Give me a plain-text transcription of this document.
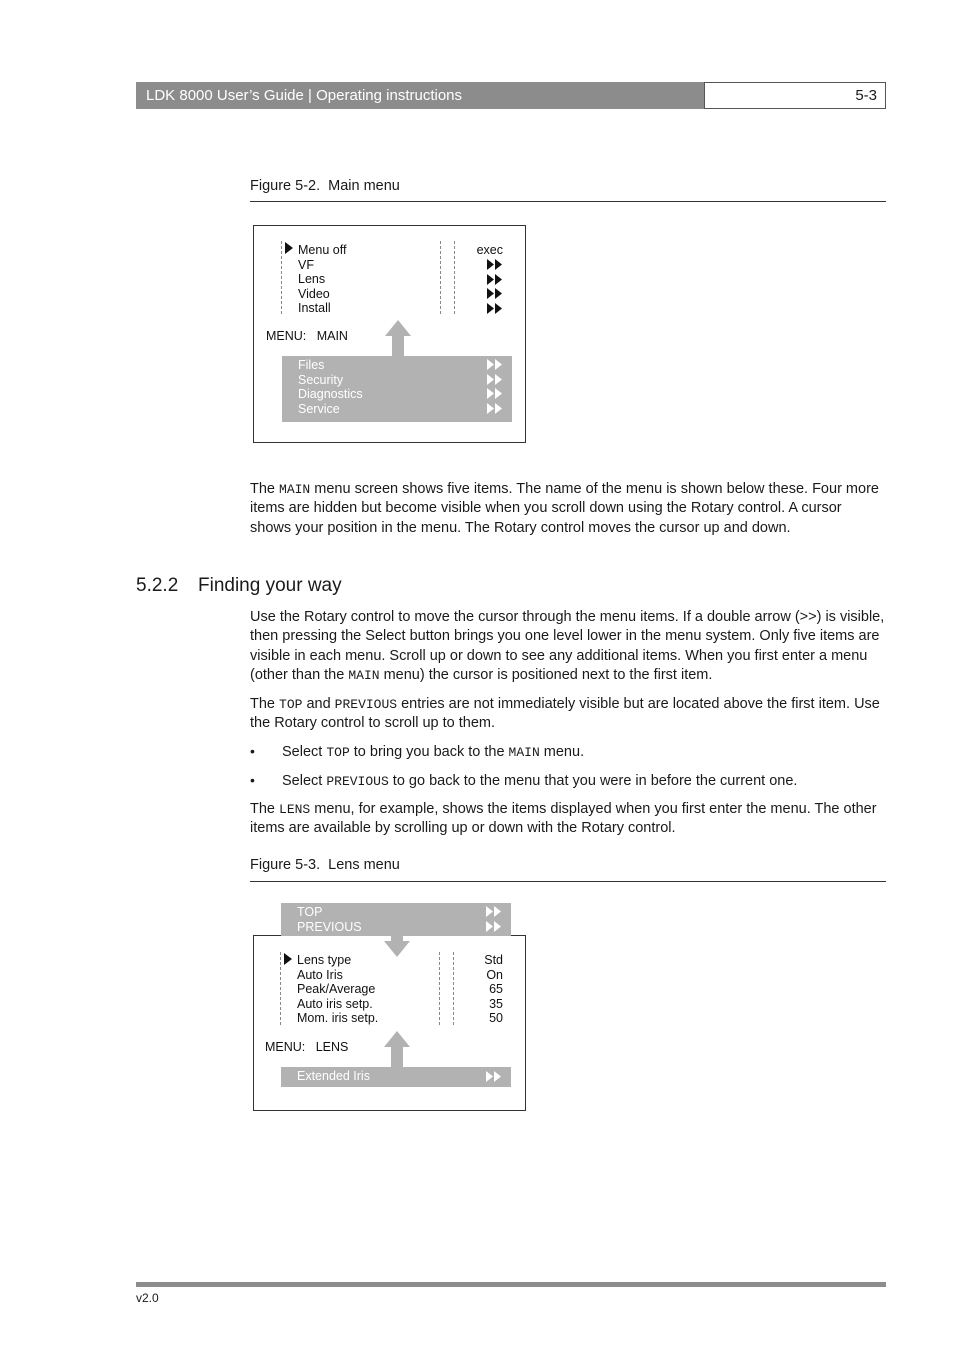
LDK 8000 User’s Guide | Operating instructions	5-3
Figure 5-2. Main menu
Menu off
VF
Lens
Video
Install
exec
MENU: MAIN
Files
Security
Diagnostics
Service
The MAIN menu screen shows five items. The name of the menu is shown below these. Four more items are hidden but become visible when you scroll down using the Rotary control. A cursor shows your position in the menu. The Rotary control moves the cursor up and down.
5.2.2 Finding your way
Use the Rotary control to move the cursor through the menu items. If a double arrow (>>) is visible, then pressing the Select button brings you one level lower in the menu system. Only five items are visible in each menu. Scroll up or down to see any additional items. When you first enter a menu (other than the MAIN menu) the cursor is positioned next to the first item.
The TOP and PREVIOUS entries are not immediately visible but are located above the first item. Use the Rotary control to scroll up to them.
• Select TOP to bring you back to the MAIN menu.
• Select PREVIOUS to go back to the menu that you were in before the current one.
The LENS menu, for example, shows the items displayed when you first enter the menu. The other items are available by scrolling up or down with the Rotary control.
Figure 5-3. Lens menu
TOP
PREVIOUS
Lens type
Auto Iris
Peak/Average
Auto iris setp.
Mom. iris setp.
Std
On
65
35
50
MENU: LENS
Extended Iris
v2.0
